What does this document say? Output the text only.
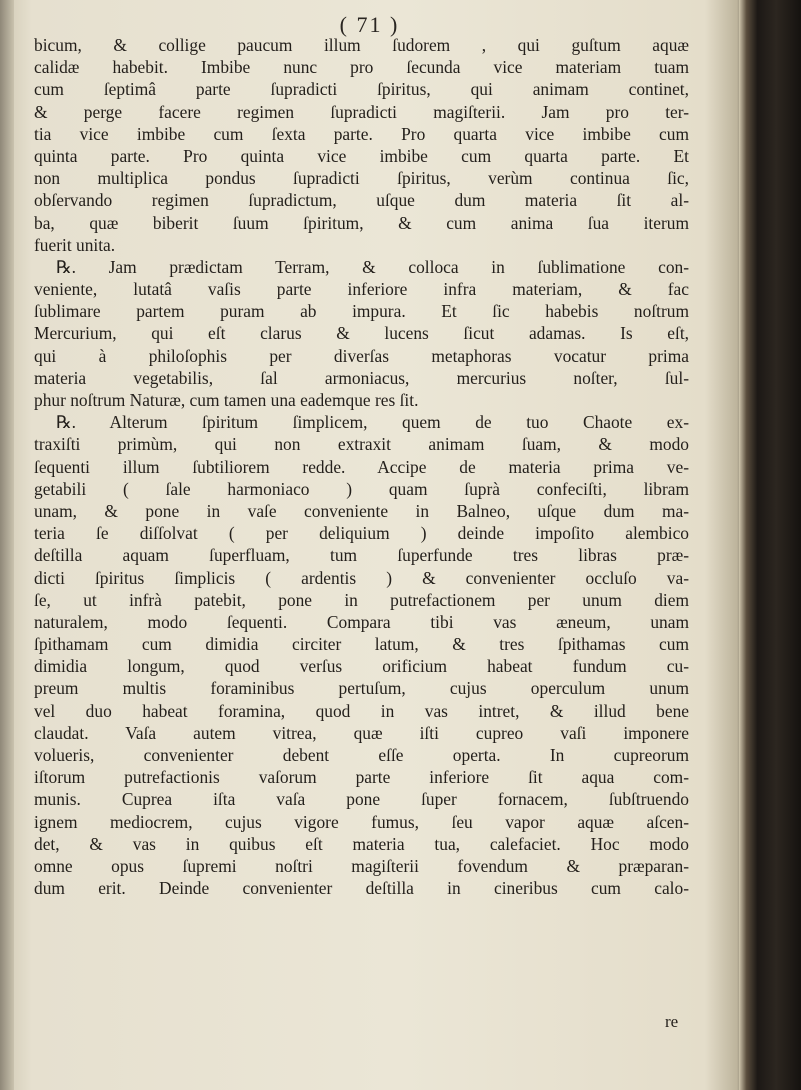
( 71 )
bicum, & collige paucum illum ſudorem , qui guſtum aquæ
calidæ habebit. Imbibe nunc pro ſecunda vice materiam tuam
cum ſeptimâ parte ſupradicti ſpiritus, qui animam continet,
& perge facere regimen ſupradicti magiſterii. Jam pro ter-
tia vice imbibe cum ſexta parte. Pro quarta vice imbibe cum
quinta parte. Pro quinta vice imbibe cum quarta parte. Et
non multiplica pondus ſupradicti ſpiritus, verùm continua ſic,
obſervando regimen ſupradictum, uſque dum materia ſit al-
ba, quæ biberit ſuum ſpiritum, & cum anima ſua iterum
fuerit unita.
℞. Jam prædictam Terram, & colloca in ſublimatione con-
veniente, lutatâ vaſis parte inferiore infra materiam, & fac
ſublimare partem puram ab impura. Et ſic habebis noſtrum
Mercurium, qui eſt clarus & lucens ſicut adamas. Is eſt,
qui à philoſophis per diverſas metaphoras vocatur prima
materia vegetabilis, ſal armoniacus, mercurius noſter, ſul-
phur noſtrum Naturæ, cum tamen una eademque res ſit.
℞. Alterum ſpiritum ſimplicem, quem de tuo Chaote ex-
traxiſti primùm, qui non extraxit animam ſuam, & modo
ſequenti illum ſubtiliorem redde. Accipe de materia prima ve-
getabili ( ſale harmoniaco ) quam ſuprà confeciſti, libram
unam, & pone in vaſe conveniente in Balneo, uſque dum ma-
teria ſe diſſolvat ( per deliquium ) deinde impoſito alembico
deſtilla aquam ſuperfluam, tum ſuperfunde tres libras præ-
dicti ſpiritus ſimplicis ( ardentis ) & convenienter occluſo va-
ſe, ut infrà patebit, pone in putrefactionem per unum diem
naturalem, modo ſequenti. Compara tibi vas æneum, unam
ſpithamam cum dimidia circiter latum, & tres ſpithamas cum
dimidia longum, quod verſus orificium habeat fundum cu-
preum multis foraminibus pertuſum, cujus operculum unum
vel duo habeat foramina, quod in vas intret, & illud bene
claudat. Vaſa autem vitrea, quæ iſti cupreo vaſi imponere
volueris, convenienter debent eſſe operta. In cupreorum
iſtorum putrefactionis vaſorum parte inferiore ſit aqua com-
munis. Cuprea iſta vaſa pone ſuper fornacem, ſubſtruendo
ignem mediocrem, cujus vigore fumus, ſeu vapor aquæ aſcen-
det, & vas in quibus eſt materia tua, calefaciet. Hoc modo
omne opus ſupremi noſtri magiſterii fovendum & præparan-
dum erit. Deinde convenienter deſtilla in cineribus cum calo-
re
